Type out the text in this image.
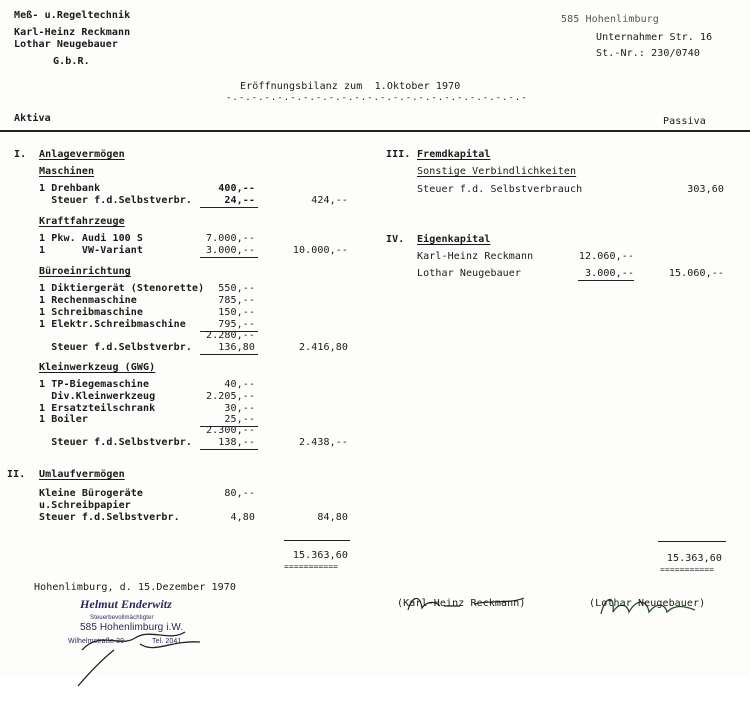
Meß- u.Regeltechnik
Karl-Heinz Reckmann
Lothar Neugebauer
G.b.R.
585 Hohenlimburg
Unternahmer Str. 16
St.-Nr.: 230/0740
Eröffnungsbilanz zum  1.Oktober 1970
-.-.-.-.-.-.-.-.-.-.-.-.-.-.-.-.-.-.-.-.-.-.-.-
Aktiva	Passiva
I. Anlagevermögen
Maschinen
1 Drehbank	400,--
Steuer f.d.Selbstverbr.	24,--	424,--
Kraftfahrzeuge
1 Pkw. Audi 100 S	7.000,--
1      VW-Variant	3.000,--	10.000,--
Büroeinrichtung
1 Diktiergerät (Stenorette)	550,--
1 Rechenmaschine	785,--
1 Schreibmaschine	150,--
1 Elektr.Schreibmaschine	795,--
2.280,--
Steuer f.d.Selbstverbr.	136,80	2.416,80
Kleinwerkzeug (GWG)
1 TP-Biegemaschine	40,--
Div.Kleinwerkzeug	2.205,--
1 Ersatzteilschrank	30,--
1 Boiler	25,--
2.300,--
Steuer f.d.Selbstverbr.	138,--	2.438,--
II. Umlaufvermögen
Kleine Bürogeräte	80,--
u.Schreibpapier
Steuer f.d.Selbstverbr.	4,80	84,80
15.363,60
===========
III. Fremdkapital
Sonstige Verbindlichkeiten
Steuer f.d. Selbstverbrauch	303,60
IV. Eigenkapital
Karl-Heinz Reckmann	12.060,--
Lothar Neugebauer	3.000,--	15.060,--
15.363,60
===========
Hohenlimburg, d. 15.Dezember 1970

Helmut Enderwitz

Steuerbevollmächtigter

585 Hohenlimburg i.W.

Wilhelmstraße 39

	Tel. 2041

(Karl-Heinz Reckmann)

	(Lothar Neugebauer)
